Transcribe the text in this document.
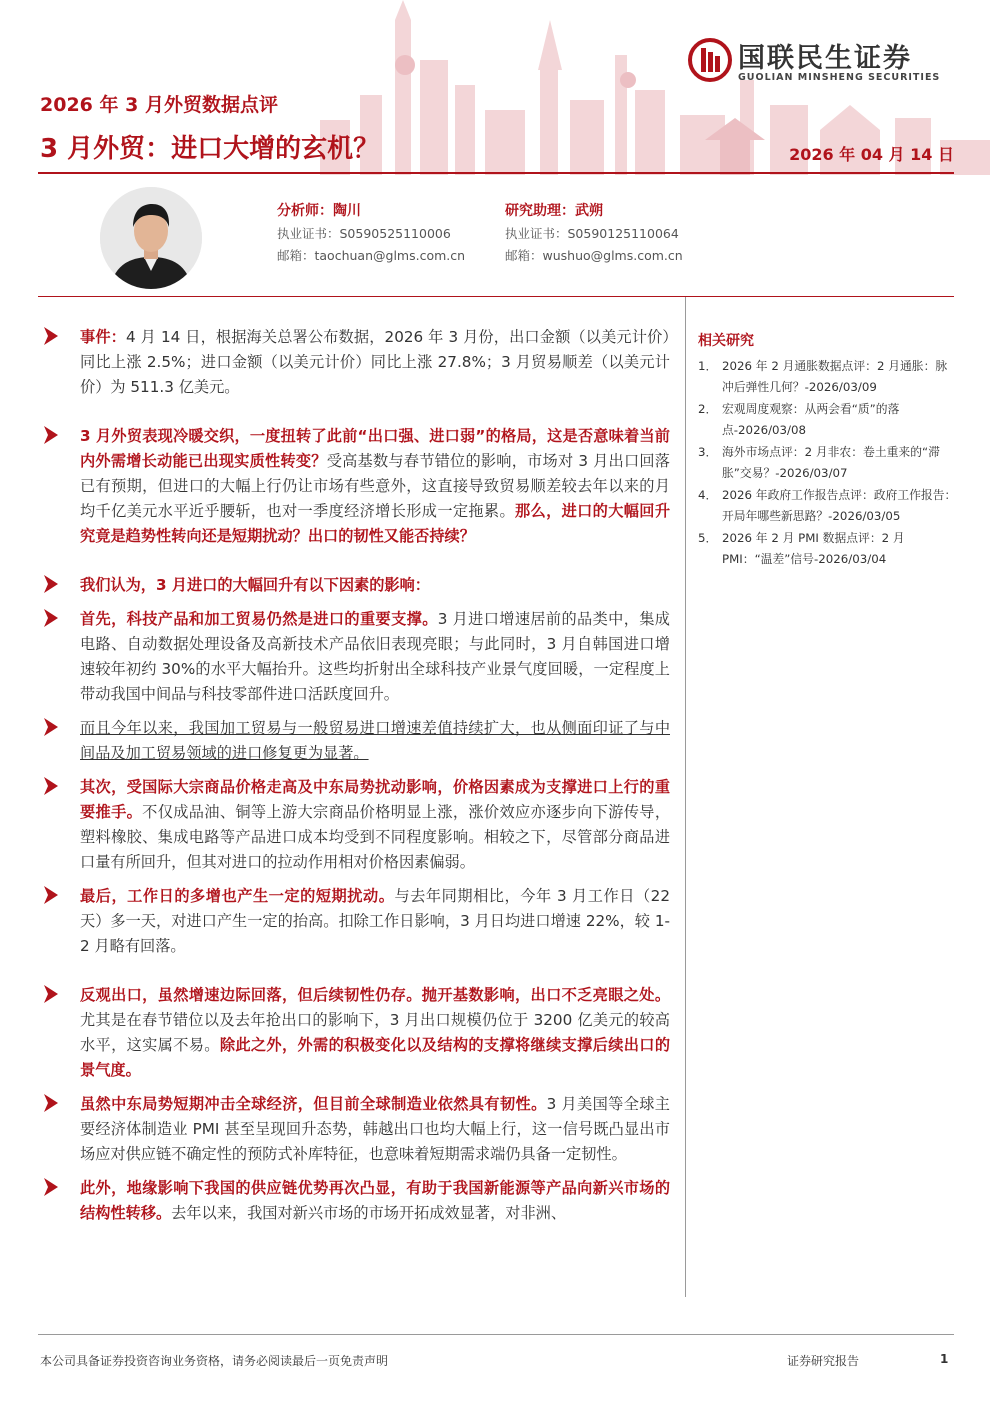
国联民生证券
GUOLIAN MINSHENG SECURITIES
2026 年 3 月外贸数据点评
3 月外贸：进口大增的玄机？	2026 年 04 月 14 日
分析师：陶川
执业证书：S0590525110006
邮箱：taochuan@glms.com.cn
研究助理：武朔
执业证书：S0590125110064
邮箱：wushuo@glms.com.cn
事件：4 月 14 日，根据海关总署公布数据，2026 年 3 月份，出口金额（以美元计价）同比上涨 2.5%；进口金额（以美元计价）同比上涨 27.8%；3 月贸易顺差（以美元计价）为 511.3 亿美元。
3 月外贸表现冷暖交织，一度扭转了此前“出口强、进口弱”的格局，这是否意味着当前内外需增长动能已出现实质性转变？受高基数与春节错位的影响，市场对 3 月出口回落已有预期，但进口的大幅上行仍让市场有些意外，这直接导致贸易顺差较去年以来的月均千亿美元水平近乎腰斩，也对一季度经济增长形成一定拖累。那么，进口的大幅回升究竟是趋势性转向还是短期扰动？出口的韧性又能否持续？
我们认为，3 月进口的大幅回升有以下因素的影响：
首先，科技产品和加工贸易仍然是进口的重要支撑。3 月进口增速居前的品类中，集成电路、自动数据处理设备及高新技术产品依旧表现亮眼；与此同时，3 月自韩国进口增速较年初约 30%的水平大幅抬升。这些均折射出全球科技产业景气度回暖，一定程度上带动我国中间品与科技零部件进口活跃度回升。
而且今年以来，我国加工贸易与一般贸易进口增速差值持续扩大，也从侧面印证了与中间品及加工贸易领域的进口修复更为显著。
其次，受国际大宗商品价格走高及中东局势扰动影响，价格因素成为支撑进口上行的重要推手。不仅成品油、铜等上游大宗商品价格明显上涨，涨价效应亦逐步向下游传导，塑料橡胶、集成电路等产品进口成本均受到不同程度影响。相较之下，尽管部分商品进口量有所回升，但其对进口的拉动作用相对价格因素偏弱。
最后，工作日的多增也产生一定的短期扰动。与去年同期相比，今年 3 月工作日（22 天）多一天，对进口产生一定的抬高。扣除工作日影响，3 月日均进口增速 22%，较 1-2 月略有回落。
反观出口，虽然增速边际回落，但后续韧性仍存。抛开基数影响，出口不乏亮眼之处。尤其是在春节错位以及去年抢出口的影响下，3 月出口规模仍位于 3200 亿美元的较高水平，这实属不易。除此之外，外需的积极变化以及结构的支撑将继续支撑后续出口的景气度。
虽然中东局势短期冲击全球经济，但目前全球制造业依然具有韧性。3 月美国等全球主要经济体制造业 PMI 甚至呈现回升态势，韩越出口也均大幅上行，这一信号既凸显出市场应对供应链不确定性的预防式补库特征，也意味着短期需求端仍具备一定韧性。
此外，地缘影响下我国的供应链优势再次凸显，有助于我国新能源等产品向新兴市场的结构性转移。去年以来，我国对新兴市场的市场开拓成效显著，对非洲、
相关研究
1． 2026 年 2 月通胀数据点评：2 月通胀：脉冲后弹性几何？-2026/03/09
2． 宏观周度观察：从两会看“质”的落点-2026/03/08
3． 海外市场点评：2 月非农：卷土重来的“滞胀”交易？-2026/03/07
4． 2026 年政府工作报告点评：政府工作报告：开局年哪些新思路？-2026/03/05
5． 2026 年 2 月 PMI 数据点评：2 月 PMI：“温差”信号-2026/03/04
本公司具备证券投资咨询业务资格，请务必阅读最后一页免责声明	证券研究报告	1
